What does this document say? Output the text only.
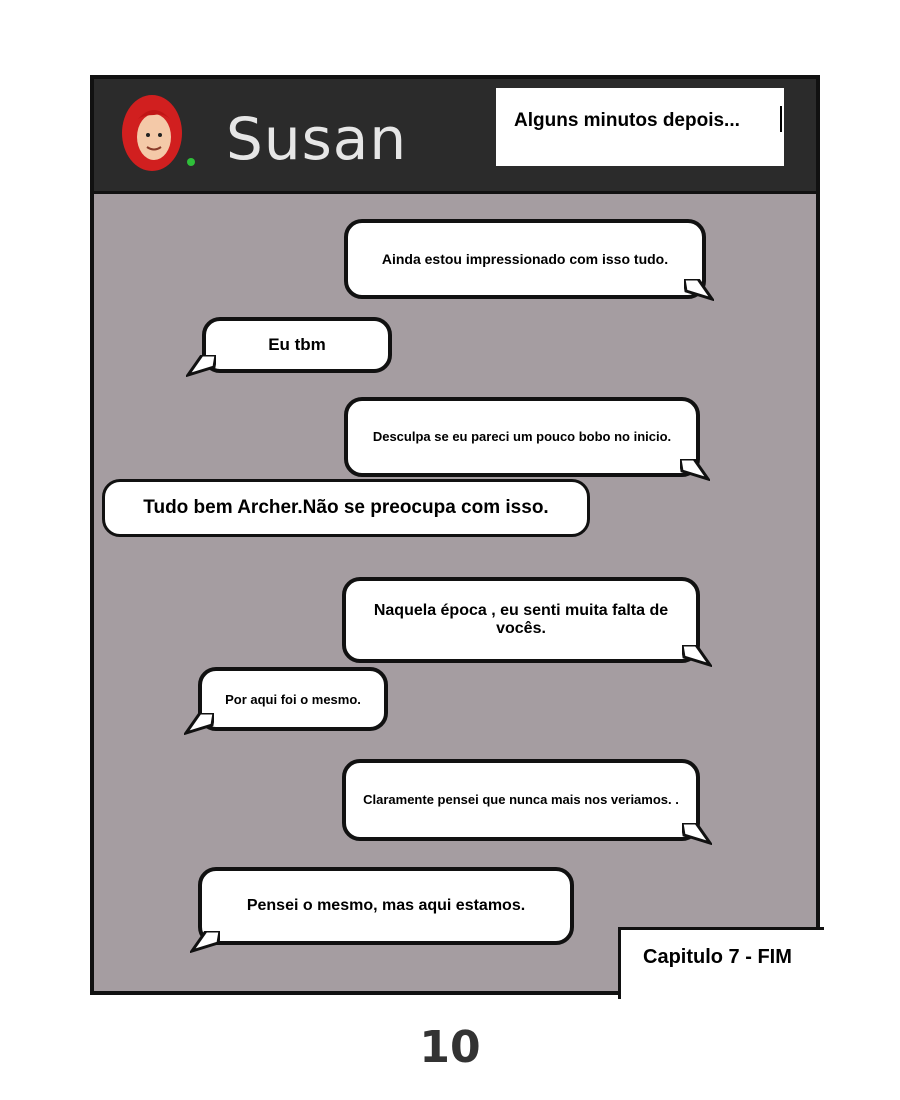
Susan	Alguns minutos depois...
Ainda estou impressionado com isso tudo.
Eu tbm
Desculpa se eu pareci um pouco bobo no inicio.
Tudo bem Archer.Não se preocupa com isso.
Naquela época , eu senti muita falta de vocês.
Por aqui foi o mesmo.
Claramente pensei que nunca mais nos veriamos. .
Pensei o mesmo, mas aqui estamos.
Capitulo 7 - FIM
10
